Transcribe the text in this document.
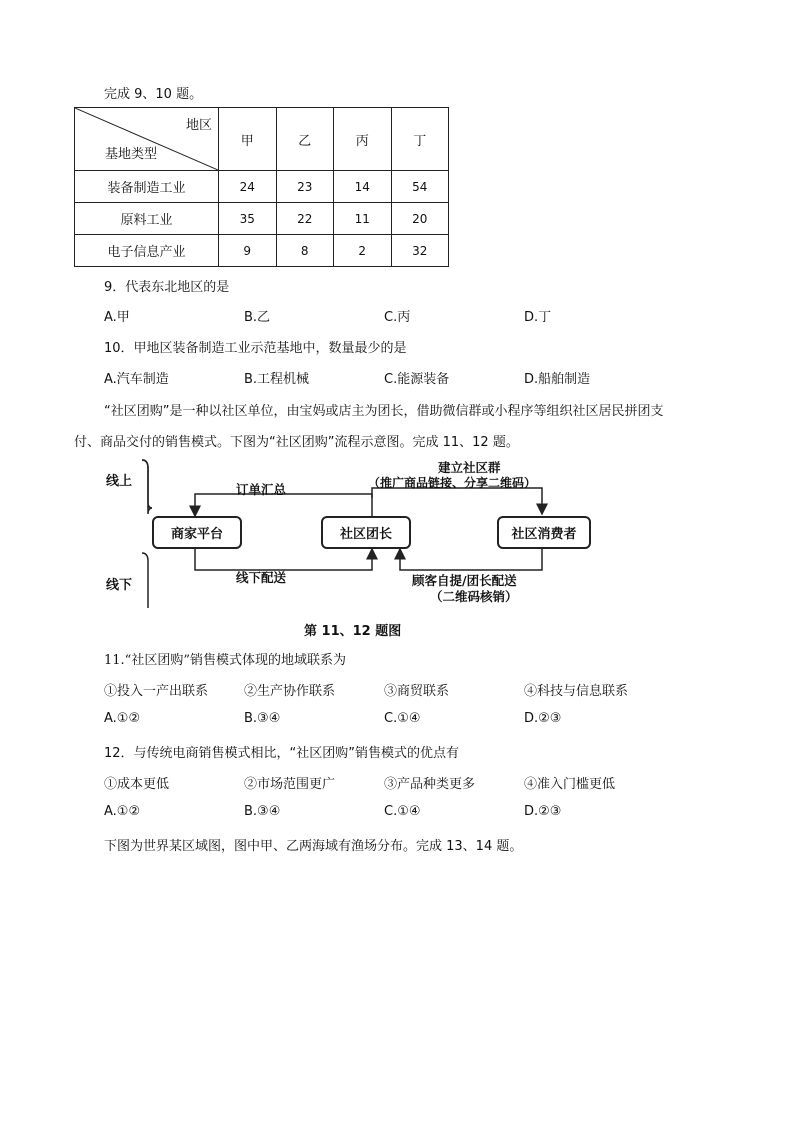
完成 9、10 题。
地区
基地类型	甲	乙	丙	丁
装备制造工业	24	23	14	54
原料工业	35	22	11	20
电子信息产业	9	8	2	32
9．代表东北地区的是
A.甲	B.乙	C.丙	D.丁
10．甲地区装备制造工业示范基地中，数量最少的是
A.汽车制造	B.工程机械	C.能源装备	D.船舶制造
“社区团购”是一种以社区单位，由宝妈或店主为团长，借助微信群或小程序等组织社区居民拼团支
付、商品交付的销售模式。下图为“社区团购”流程示意图。完成 11、12 题。
线上
线下
商家平台	社区团长	社区消费者
订单汇总
建立社区群
（推广商品链接、分享二维码）
线下配送	顾客自提/团长配送
（二维码核销）
第 11、12 题图
11.“社区团购”销售模式体现的地域联系为
①投入一产出联系	②生产协作联系	③商贸联系	④科技与信息联系
A.①②	B.③④	C.①④	D.②③
12．与传统电商销售模式相比，“社区团购”销售模式的优点有
①成本更低	②市场范围更广	③产品种类更多	④准入门槛更低
A.①②	B.③④	C.①④	D.②③
下图为世界某区域图，图中甲、乙两海域有渔场分布。完成 13、14 题。
